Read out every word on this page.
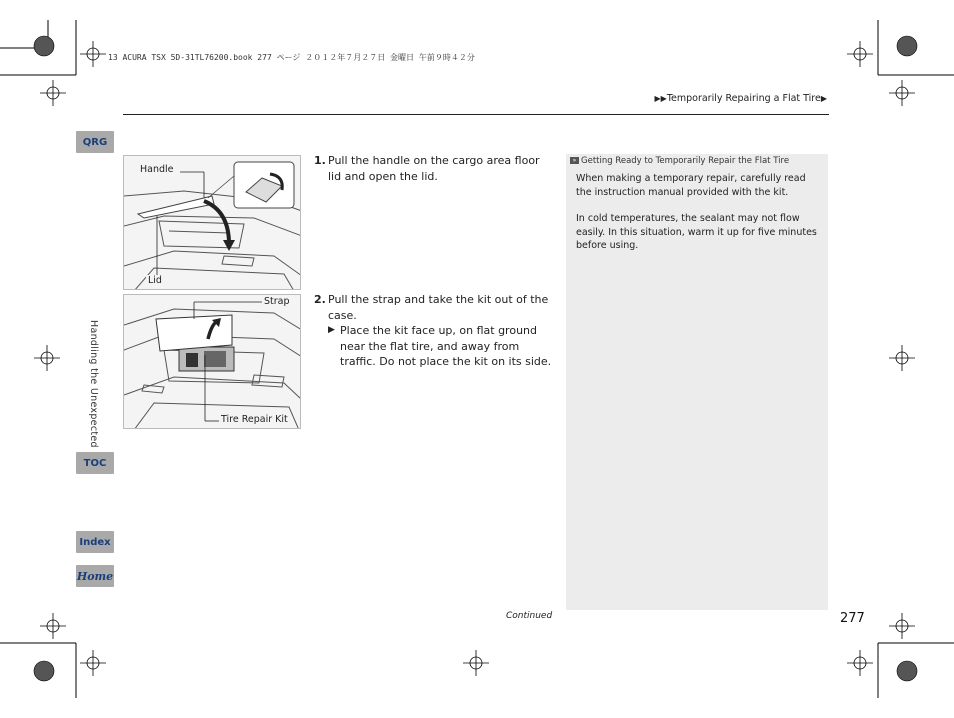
13 ACURA TSX 5D-31TL76200.book 277 ページ ２０１２年７月２７日 金曜日 午前９時４２分
▶▶Temporarily Repairing a Flat Tire▶
QRG
Handling the Unexpected
TOC
Index
Home
Handle
Lid
Strap
Tire Repair Kit
1. Pull the handle on the cargo area floor lid and open the lid.
2. Pull the strap and take the kit out of the case.
▶ Place the kit face up, on flat ground near the flat tire, and away from traffic. Do not place the kit on its side.
» Getting Ready to Temporarily Repair the Flat Tire
When making a temporary repair, carefully read the instruction manual provided with the kit.
In cold temperatures, the sealant may not flow easily. In this situation, warm it up for five minutes before using.
Continued	277
